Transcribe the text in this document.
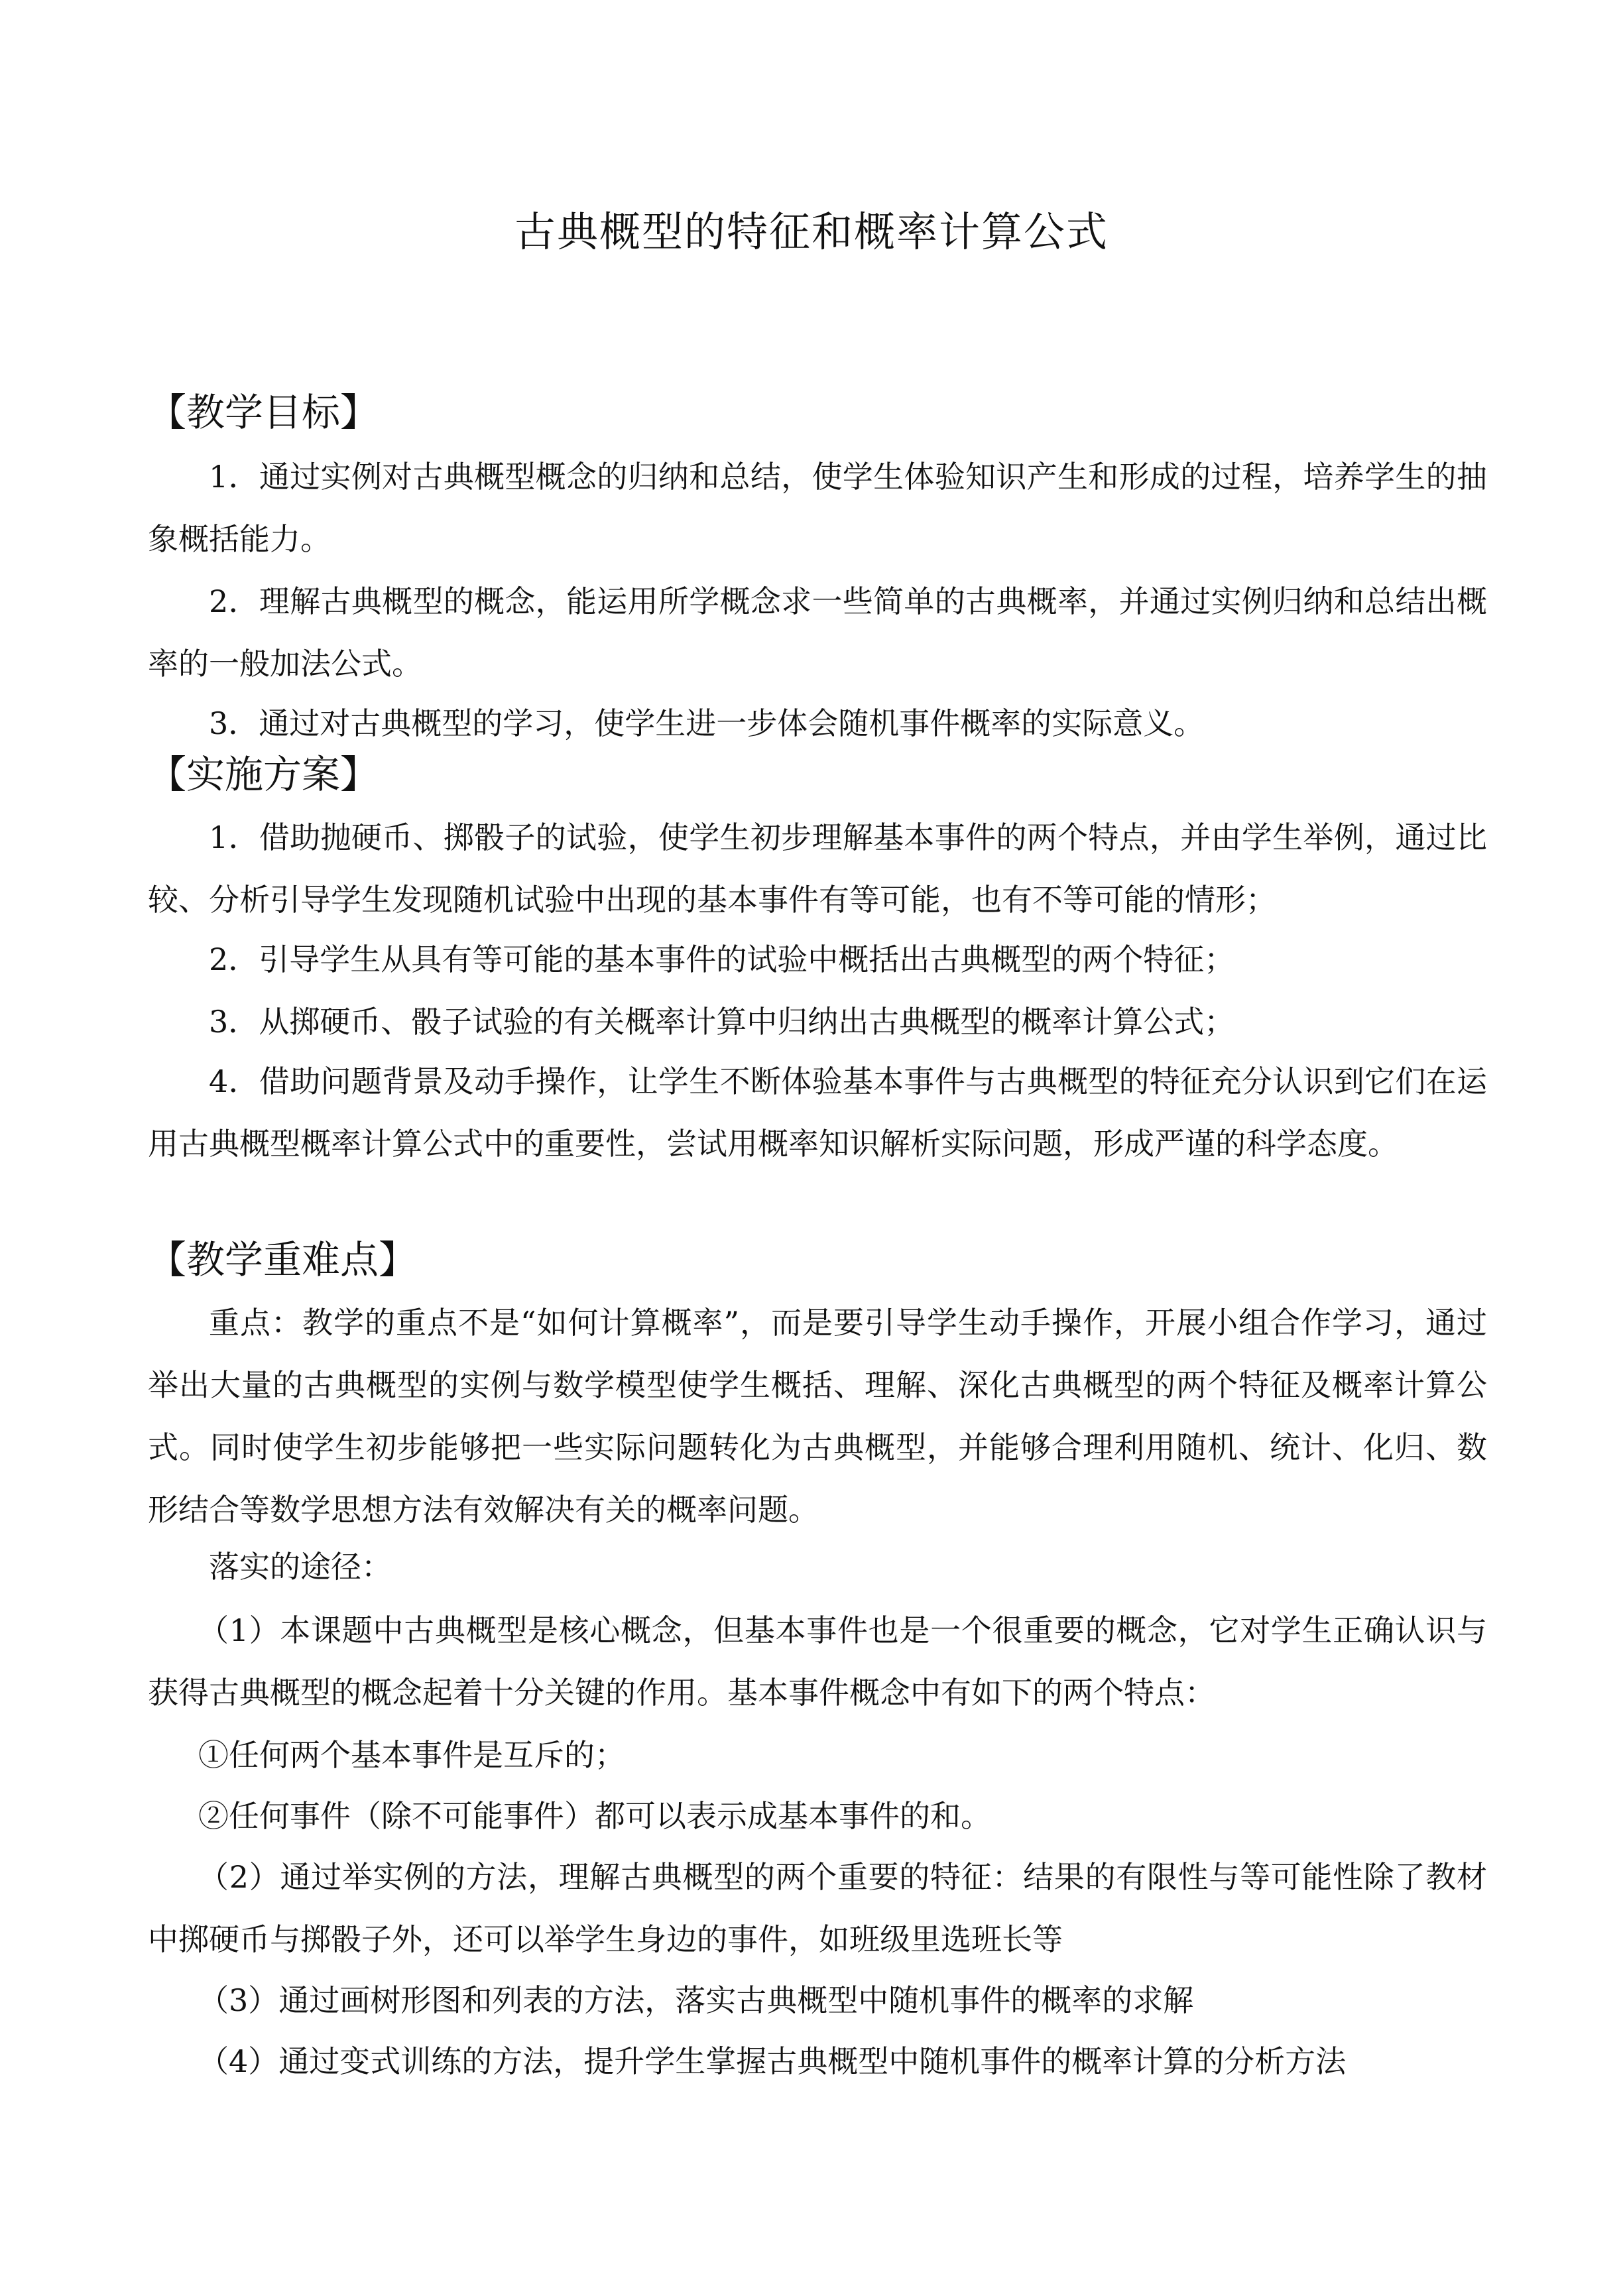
古典概型的特征和概率计算公式
【教学目标】

1．通过实例对古典概型概念的归纳和总结，使学生体验知识产生和形成的过程，培养学生的抽象概括能力。

2．理解古典概型的概念，能运用所学概念求一些简单的古典概率，并通过实例归纳和总结出概率的一般加法公式。

3．通过对古典概型的学习，使学生进一步体会随机事件概率的实际意义。

【实施方案】

1．借助抛硬币、掷骰子的试验，使学生初步理解基本事件的两个特点，并由学生举例，通过比较、分析引导学生发现随机试验中出现的基本事件有等可能，也有不等可能的情形；

2．引导学生从具有等可能的基本事件的试验中概括出古典概型的两个特征；

3．从掷硬币、骰子试验的有关概率计算中归纳出古典概型的概率计算公式；

4．借助问题背景及动手操作，让学生不断体验基本事件与古典概型的特征充分认识到它们在运用古典概型概率计算公式中的重要性，尝试用概率知识解析实际问题，形成严谨的科学态度。

【教学重难点】

重点：教学的重点不是“如何计算概率”，而是要引导学生动手操作，开展小组合作学习，通过举出大量的古典概型的实例与数学模型使学生概括、理解、深化古典概型的两个特征及概率计算公式。同时使学生初步能够把一些实际问题转化为古典概型，并能够合理利用随机、统计、化归、数形结合等数学思想方法有效解决有关的概率问题。

落实的途径：

（1）本课题中古典概型是核心概念，但基本事件也是一个很重要的概念，它对学生正确认识与获得古典概型的概念起着十分关键的作用。基本事件概念中有如下的两个特点：

①任何两个基本事件是互斥的；

②任何事件（除不可能事件）都可以表示成基本事件的和。

（2）通过举实例的方法，理解古典概型的两个重要的特征：结果的有限性与等可能性除了教材中掷硬币与掷骰子外，还可以举学生身边的事件，如班级里选班长等

（3）通过画树形图和列表的方法，落实古典概型中随机事件的概率的求解

（4）通过变式训练的方法，提升学生掌握古典概型中随机事件的概率计算的分析方法
